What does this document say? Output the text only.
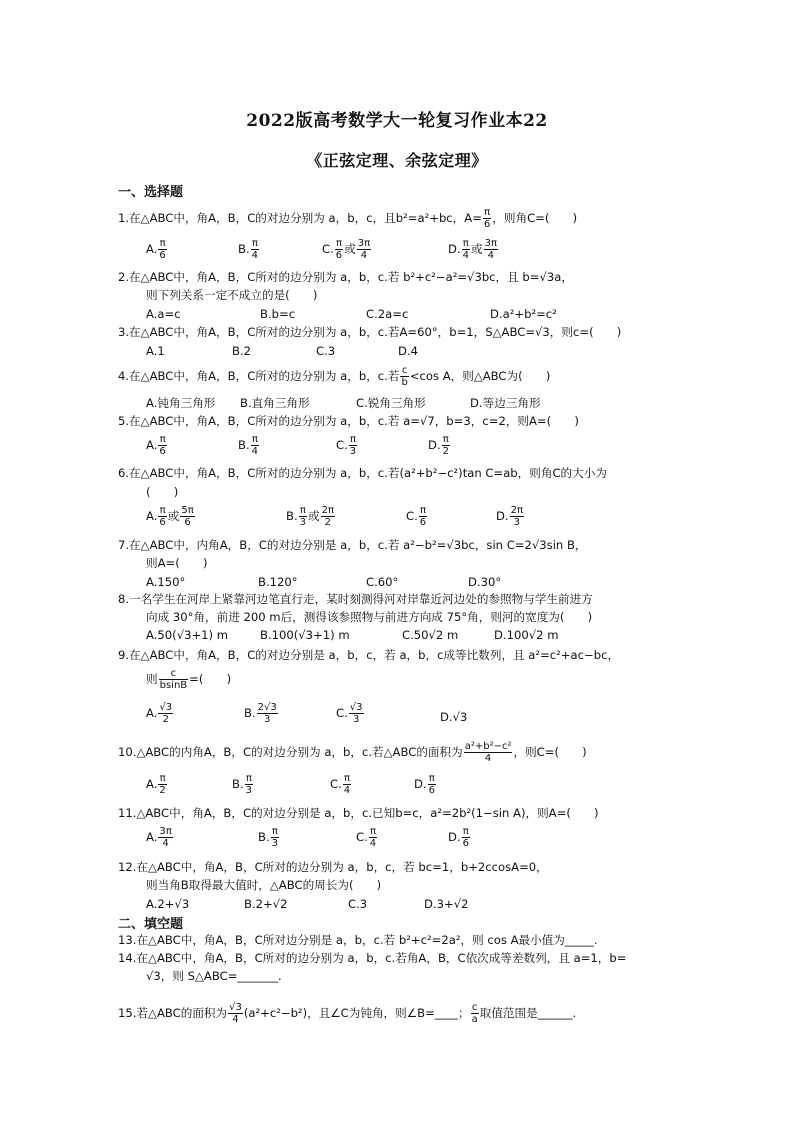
2022版高考数学大一轮复习作业本22
《正弦定理、余弦定理》
一、选择题
1.在△ABC中，角A，B，C的对边分别为 a，b，c，且b²=a²+bc，$A= \frac{\pi}{6}$ ，则角C=(　　)
A. $\frac{\pi}{6}$	B. $\frac{\pi}{4}$	C. $\frac{\pi}{6}$ 或 $\frac{3\pi}{4}$	D. $\frac{\pi}{4}$ 或 $\frac{3\pi}{4}$
2.在△ABC中，角A，B，C所对的边分别为 a，b，c.若 b²+c²−a²=√3bc，且 b=√3a，
则下列关系一定不成立的是(　　)
A.a=c	B.b=c	C.2a=c	D.a²+b²=c²
3.在△ABC中，角A，B，C所对的边分别为 a，b，c.若A=60°，b=1，S△ABC=√3，则c=(　　)
A.1	B.2	C.3	D.4
4.在△ABC中，角A，B，C所对的边分别为 a，b，c.若 $\frac{c}{b} <\cos$ A，则△ABC为(　　)
A.钝角三角形 B.直角三角形	C.锐角三角形	D.等边三角形
5.在△ABC中，角A，B，C所对的边分别为 a，b，c.若 a=√7，b=3，c=2，则A=(　　)
A. $\frac{\pi}{6}$	B. $\frac{\pi}{4}$	C. $\frac{\pi}{3}$	D. $\frac{\pi}{2}$
6.在△ABC中，角A，B，C所对的边分别为 a，b，c.若(a²+b²−c²)tan C=ab，则角C的大小为
(　　)
A. $\frac{\pi}{6}$ 或 $\frac{5\pi}{6}$	B. $\frac{\pi}{3}$ 或 $\frac{2\pi}{2}$	C. $\frac{\pi}{6}$	D. $\frac{2\pi}{3}$
7.在△ABC中，内角A，B，C的对边分别是 a，b，c.若 a²−b²=√3bc，sin C=2√3sin B，
则A=(　　)
A.150°	B.120°	C.60°	D.30°
8.一名学生在河岸上紧靠河边笔直行走，某时刻测得河对岸靠近河边处的参照物与学生前进方
向成 30°角，前进 200 m后，测得该参照物与前进方向成 75°角，则河的宽度为(　　)
A.50(√3+1) m	B.100(√3+1) m	C.50√2 m	D.100√2 m
9.在△ABC中，角A，B，C的对边分别是 a，b，c，若 a，b，c成等比数列，且 a²=c²+ac−bc，
则 $\frac{c}{bsinB}$ =(　　)
A. $\frac{√3}{2}$	B. $\frac{2√3}{3}$	C. $\frac{√3}{3}$	D.√3
10.△ABC的内角A，B，C的对边分别为 a，b，c.若△ABC的面积为 $\frac{\text{a²+b²−c²}}{4}$ ，则C=(　　)
A. $\frac{\pi}{2}$	B. $\frac{\pi}{3}$	C. $\frac{\pi}{4}$	D. $\frac{\pi}{6}$
11.△ABC中，角A，B，C的对边分别是 a，b，c.已知b=c，a²=2b²(1−sin A)，则A=(　　)
A. $\frac{3\pi}{4}$	B. $\frac{\pi}{3}$	C. $\frac{\pi}{4}$	D. $\frac{\pi}{6}$
12.在△ABC中，角A，B，C所对的边分别为 a，b，c，若 bc=1，b+2ccosA=0，
则当角B取得最大值时，△ABC的周长为(　　)
A.2+√3	B.2+√2	C.3	D.3+√2
二、填空题
13.在△ABC中，角A，B，C所对边分别是 a，b，c.若 b²+c²=2a²，则 cos A最小值为_____.
14.在△ABC中，角A，B，C所对的边分别为 a，b，c.若角A，B，C依次成等差数列，且 a=1，b=
√3，则 S△ABC=_______.
15.若△ABC的面积为 $\frac{√3}{4} (a^2+c^2-b^2)$，且∠C为钝角，则∠B=____； $\frac{c}{a}$ 取值范围是______.
